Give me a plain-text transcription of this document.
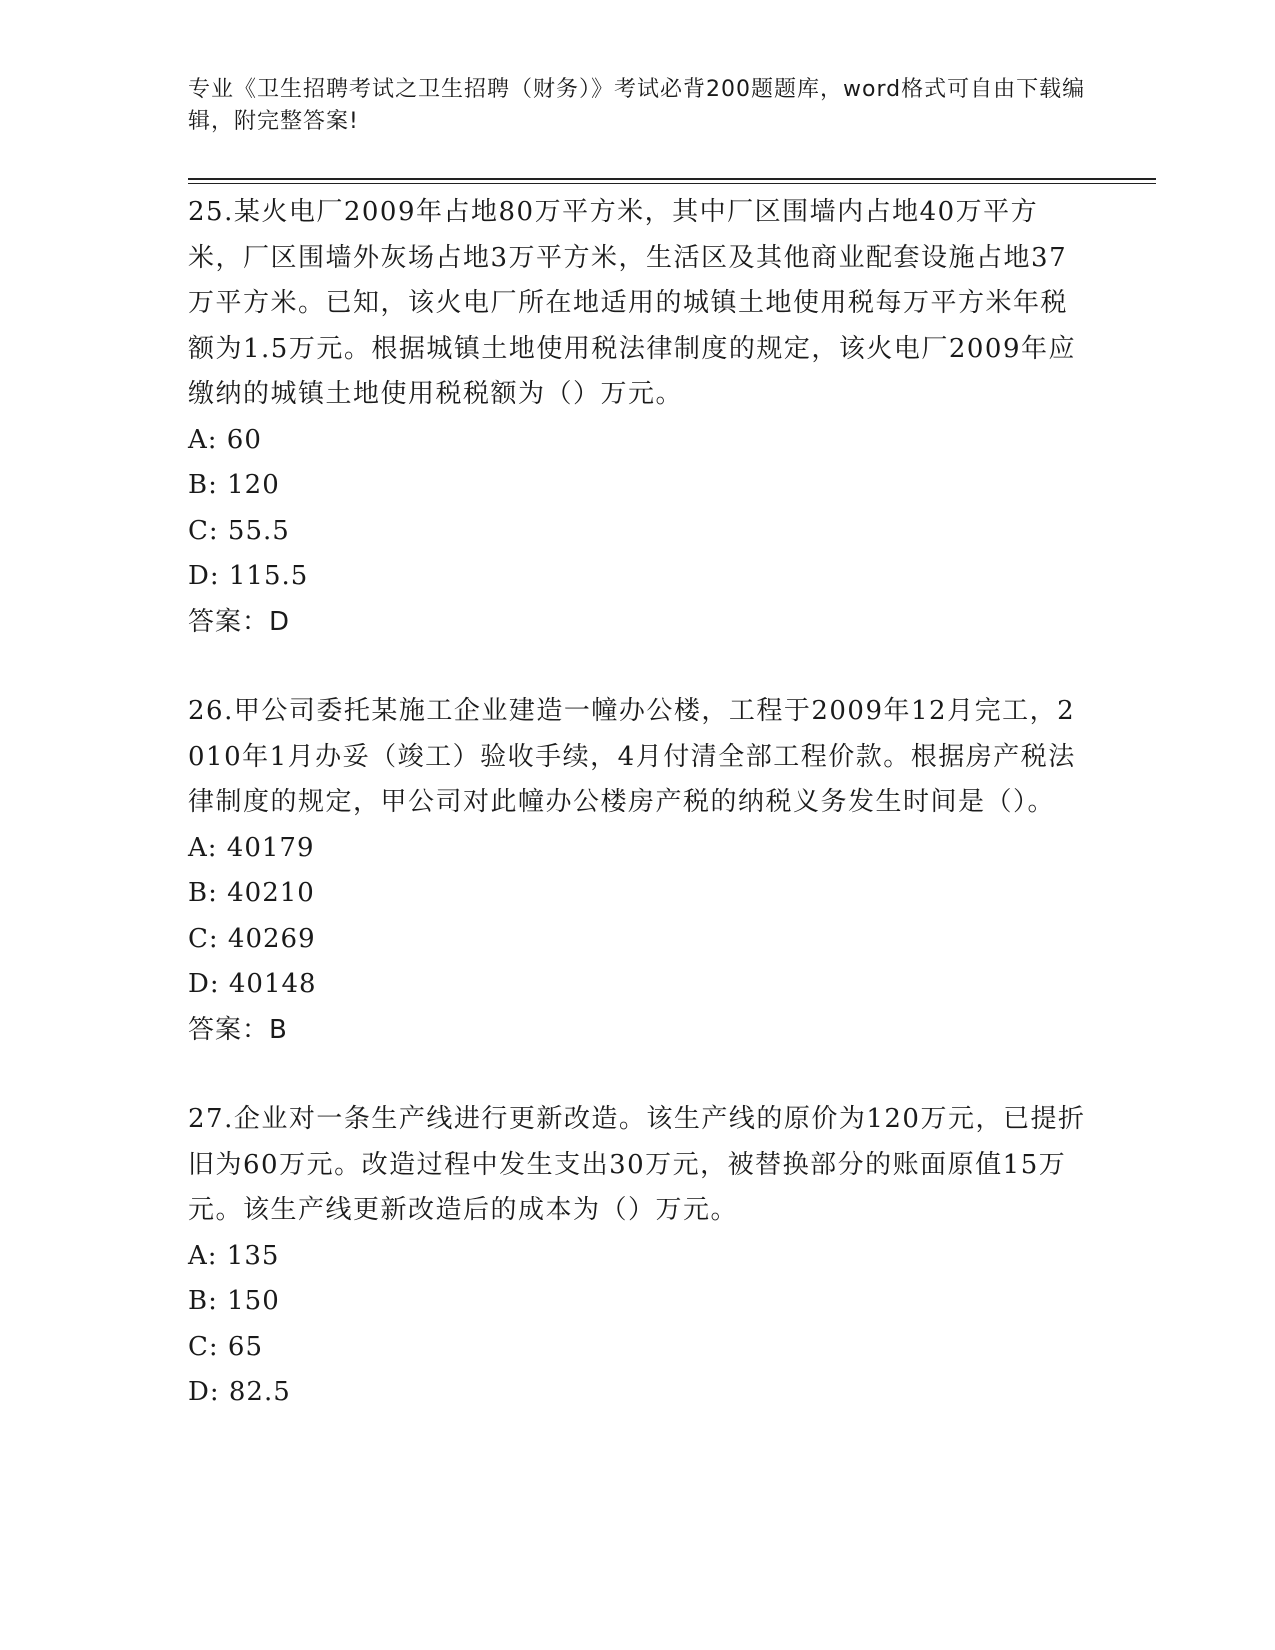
专业《卫生招聘考试之卫生招聘（财务）》考试必背200题题库，word格式可自由下载编辑，附完整答案!

25.某火电厂2009年占地80万平方米，其中厂区围墙内占地40万平方米，厂区围墙外灰场占地3万平方米，生活区及其他商业配套设施占地37万平方米。已知，该火电厂所在地适用的城镇土地使用税每万平方米年税额为1.5万元。根据城镇土地使用税法律制度的规定，该火电厂2009年应缴纳的城镇土地使用税税额为（）万元。

A: 60

B: 120

C: 55.5

D: 115.5

答案：D

26.甲公司委托某施工企业建造一幢办公楼，工程于2009年12月完工，2010年1月办妥（竣工）验收手续，4月付清全部工程价款。根据房产税法律制度的规定，甲公司对此幢办公楼房产税的纳税义务发生时间是（）。

A: 40179

B: 40210

C: 40269

D: 40148

答案：B

27.企业对一条生产线进行更新改造。该生产线的原价为120万元，已提折旧为60万元。改造过程中发生支出30万元，被替换部分的账面原值15万元。该生产线更新改造后的成本为（）万元。

A: 135

B: 150

C: 65

D: 82.5
